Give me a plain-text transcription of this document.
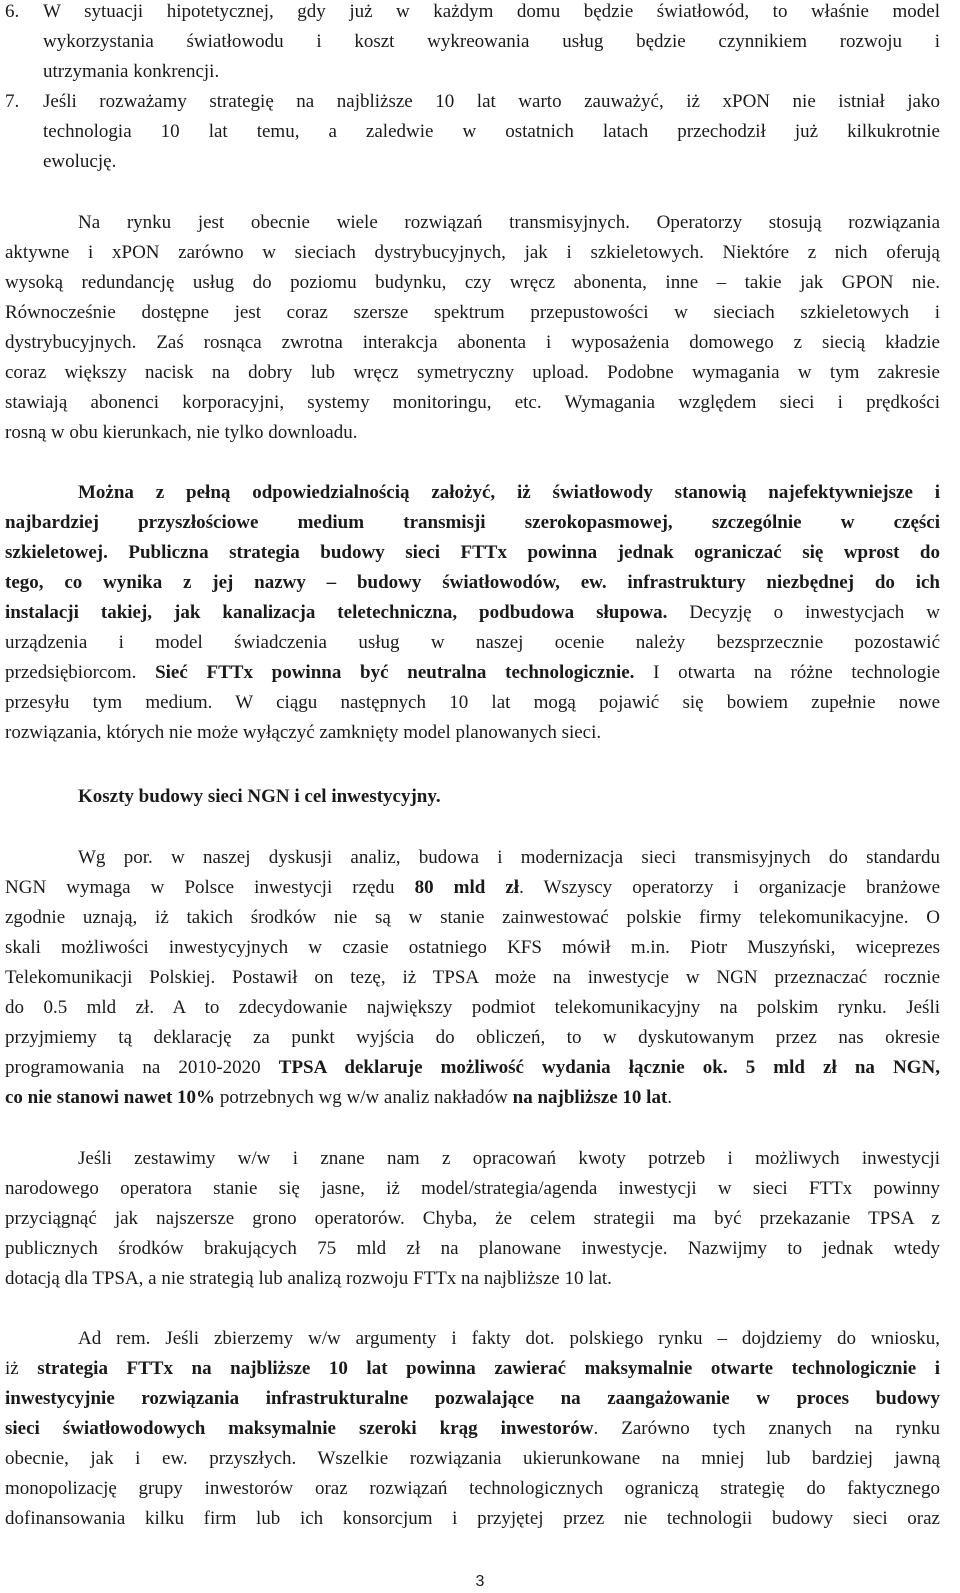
6.	W sytuacji hipotetycznej, gdy już w każdym domu będzie światłowód, to właśnie model
wykorzystania światłowodu i koszt wykreowania usług będzie czynnikiem rozwoju i
utrzymania konkrencji.
7.	Jeśli rozważamy strategię na najbliższe 10 lat warto zauważyć, iż xPON nie istniał jako
technologia 10 lat temu, a zaledwie w ostatnich latach przechodził już kilkukrotnie
ewolucję.
Na rynku jest obecnie wiele rozwiązań transmisyjnych. Operatorzy stosują rozwiązania
aktywne i xPON zarówno w sieciach dystrybucyjnych, jak i szkieletowych. Niektóre z nich oferują
wysoką redundancję usług do poziomu budynku, czy wręcz abonenta, inne – takie jak GPON nie.
Równocześnie dostępne jest coraz szersze spektrum przepustowości w sieciach szkieletowych i
dystrybucyjnych. Zaś rosnąca zwrotna interakcja abonenta i wyposażenia domowego z siecią kładzie
coraz większy nacisk na dobry lub wręcz symetryczny upload. Podobne wymagania w tym zakresie
stawiają abonenci korporacyjni, systemy monitoringu, etc. Wymagania względem sieci i prędkości
rosną w obu kierunkach, nie tylko downloadu.
Można z pełną odpowiedzialnością założyć, iż światłowody stanowią najefektywniejsze i
najbardziej przyszłościowe medium transmisji szerokopasmowej, szczególnie w części
szkieletowej. Publiczna strategia budowy sieci FTTx powinna jednak ograniczać się wprost do
tego, co wynika z jej nazwy – budowy światłowodów, ew. infrastruktury niezbędnej do ich
instalacji takiej, jak kanalizacja teletechniczna, podbudowa słupowa. Decyzję o inwestycjach w
urządzenia i model świadczenia usług w naszej ocenie należy bezsprzecznie pozostawić
przedsiębiorcom. Sieć FTTx powinna być neutralna technologicznie. I otwarta na różne technologie
przesyłu tym medium. W ciągu następnych 10 lat mogą pojawić się bowiem zupełnie nowe
rozwiązania, których nie może wyłączyć zamknięty model planowanych sieci.
Koszty budowy sieci NGN i cel inwestycyjny.
Wg por. w naszej dyskusji analiz, budowa i modernizacja sieci transmisyjnych do standardu
NGN wymaga w Polsce inwestycji rzędu 80 mld zł. Wszyscy operatorzy i organizacje branżowe
zgodnie uznają, iż takich środków nie są w stanie zainwestować polskie firmy telekomunikacyjne. O
skali możliwości inwestycyjnych w czasie ostatniego KFS mówił m.in. Piotr Muszyński, wiceprezes
Telekomunikacji Polskiej. Postawił on tezę, iż TPSA może na inwestycje w NGN przeznaczać rocznie
do 0.5 mld zł. A to zdecydowanie największy podmiot telekomunikacyjny na polskim rynku. Jeśli
przyjmiemy tą deklarację za punkt wyjścia do obliczeń, to w dyskutowanym przez nas okresie
programowania na 2010-2020 TPSA deklaruje możliwość wydania łącznie ok. 5 mld zł na NGN,
co nie stanowi nawet 10% potrzebnych wg w/w analiz nakładów na najbliższe 10 lat.
Jeśli zestawimy w/w i znane nam z opracowań kwoty potrzeb i możliwych inwestycji
narodowego operatora stanie się jasne, iż model/strategia/agenda inwestycji w sieci FTTx powinny
przyciągnąć jak najszersze grono operatorów. Chyba, że celem strategii ma być przekazanie TPSA z
publicznych środków brakujących 75 mld zł na planowane inwestycje. Nazwijmy to jednak wtedy
dotacją dla TPSA, a nie strategią lub analizą rozwoju FTTx na najbliższe 10 lat.
Ad rem. Jeśli zbierzemy w/w argumenty i fakty dot. polskiego rynku – dojdziemy do wniosku,
iż strategia FTTx na najbliższe 10 lat powinna zawierać maksymalnie otwarte technologicznie i
inwestycyjnie rozwiązania infrastrukturalne pozwalające na zaangażowanie w proces budowy
sieci światłowodowych maksymalnie szeroki krąg inwestorów. Zarówno tych znanych na rynku
obecnie, jak i ew. przyszłych. Wszelkie rozwiązania ukierunkowane na mniej lub bardziej jawną
monopolizację grupy inwestorów oraz rozwiązań technologicznych ograniczą strategię do faktycznego
dofinansowania kilku firm lub ich konsorcjum i przyjętej przez nie technologii budowy sieci oraz
3
